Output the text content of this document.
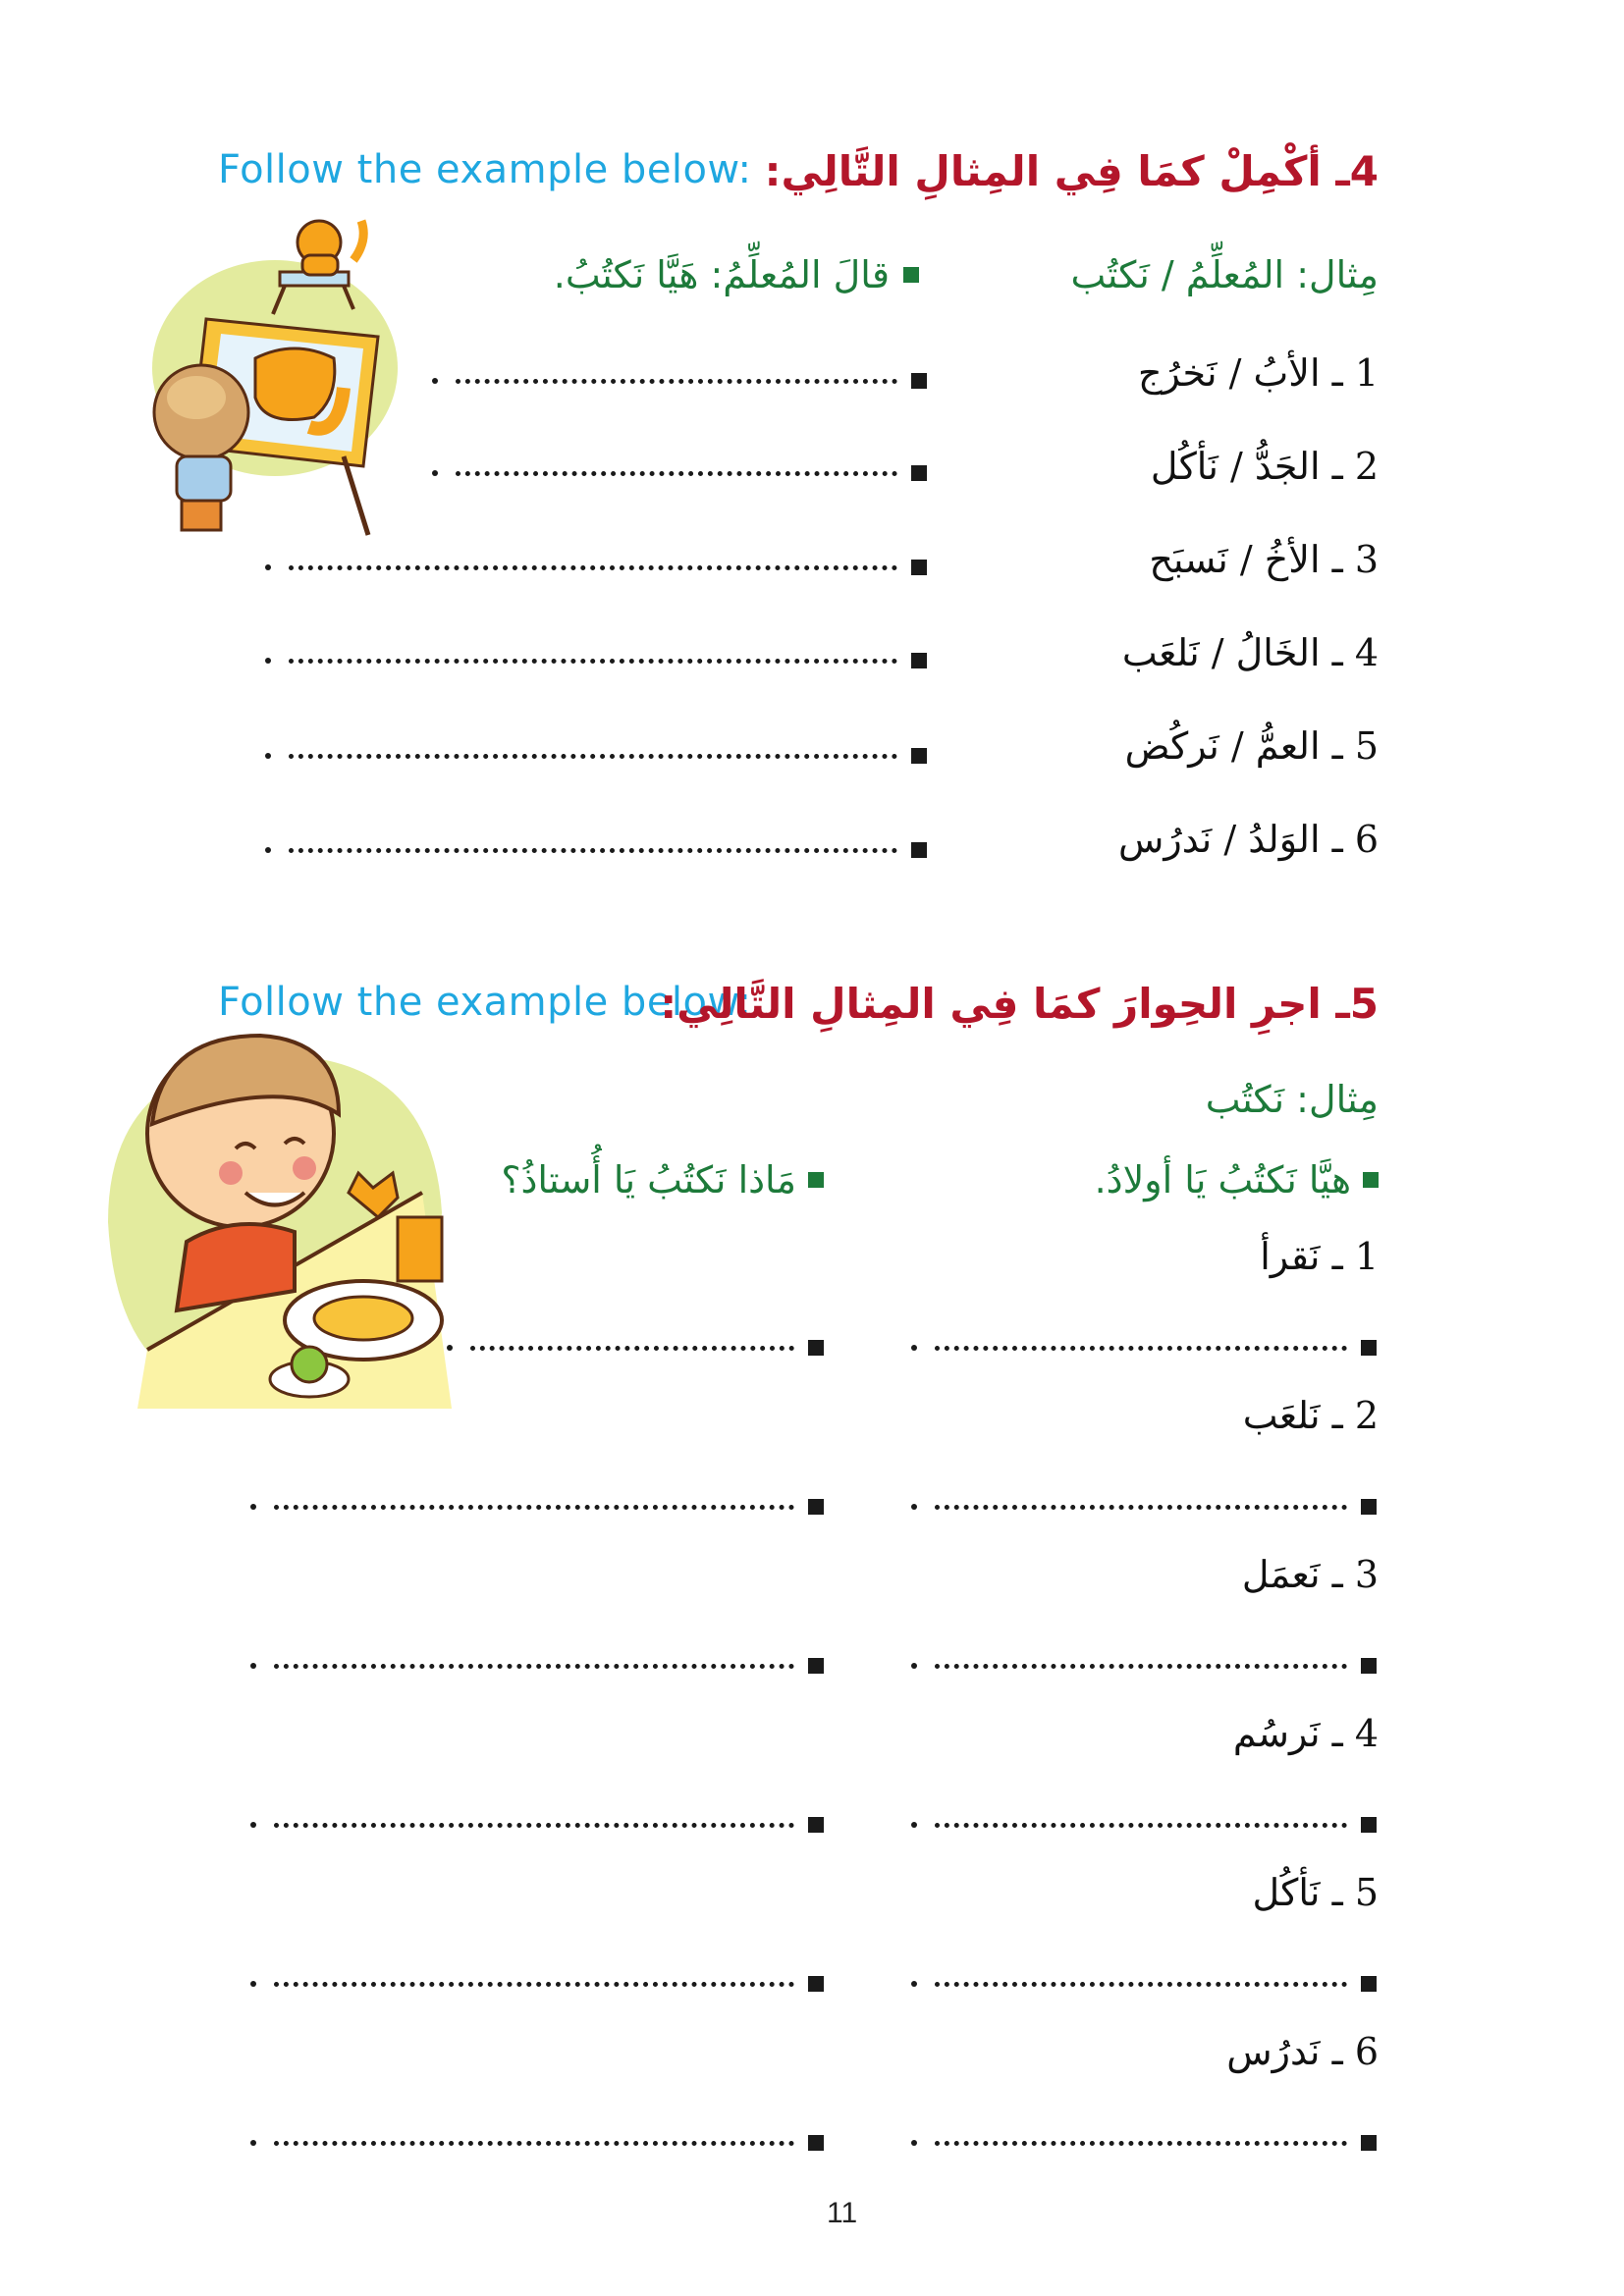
Follow the example below: 4ـ أكْمِلْ كمَا فِي المِثالِ التَّالِي:
مِثال: المُعلِّمُ / نَكتُب
قالَ المُعلِّمُ: هَيَّا نَكتُبُ.
1 ـ الأبُ / نَخرُج
2 ـ الجَدُّ / نَأكُل
3 ـ الأخُ / نَسبَح
4 ـ الخَالُ / نَلعَب
5 ـ العمُّ / نَركُض
6 ـ الوَلدُ / نَدرُس
Follow the example below:
5ـ اجرِ الحِوارَ كمَا فِي المِثالِ التَّالِي:
مِثال: نَكتُب
هيَّا نَكتُبُ يَا أولادُ.
مَاذا نَكتُبُ يَا أُستاذُ؟
1 ـ نَقرأ
2 ـ نَلعَب
3 ـ نَعمَل
4 ـ نَرسُم
5 ـ نَأكُل
6 ـ نَدرُس
11
